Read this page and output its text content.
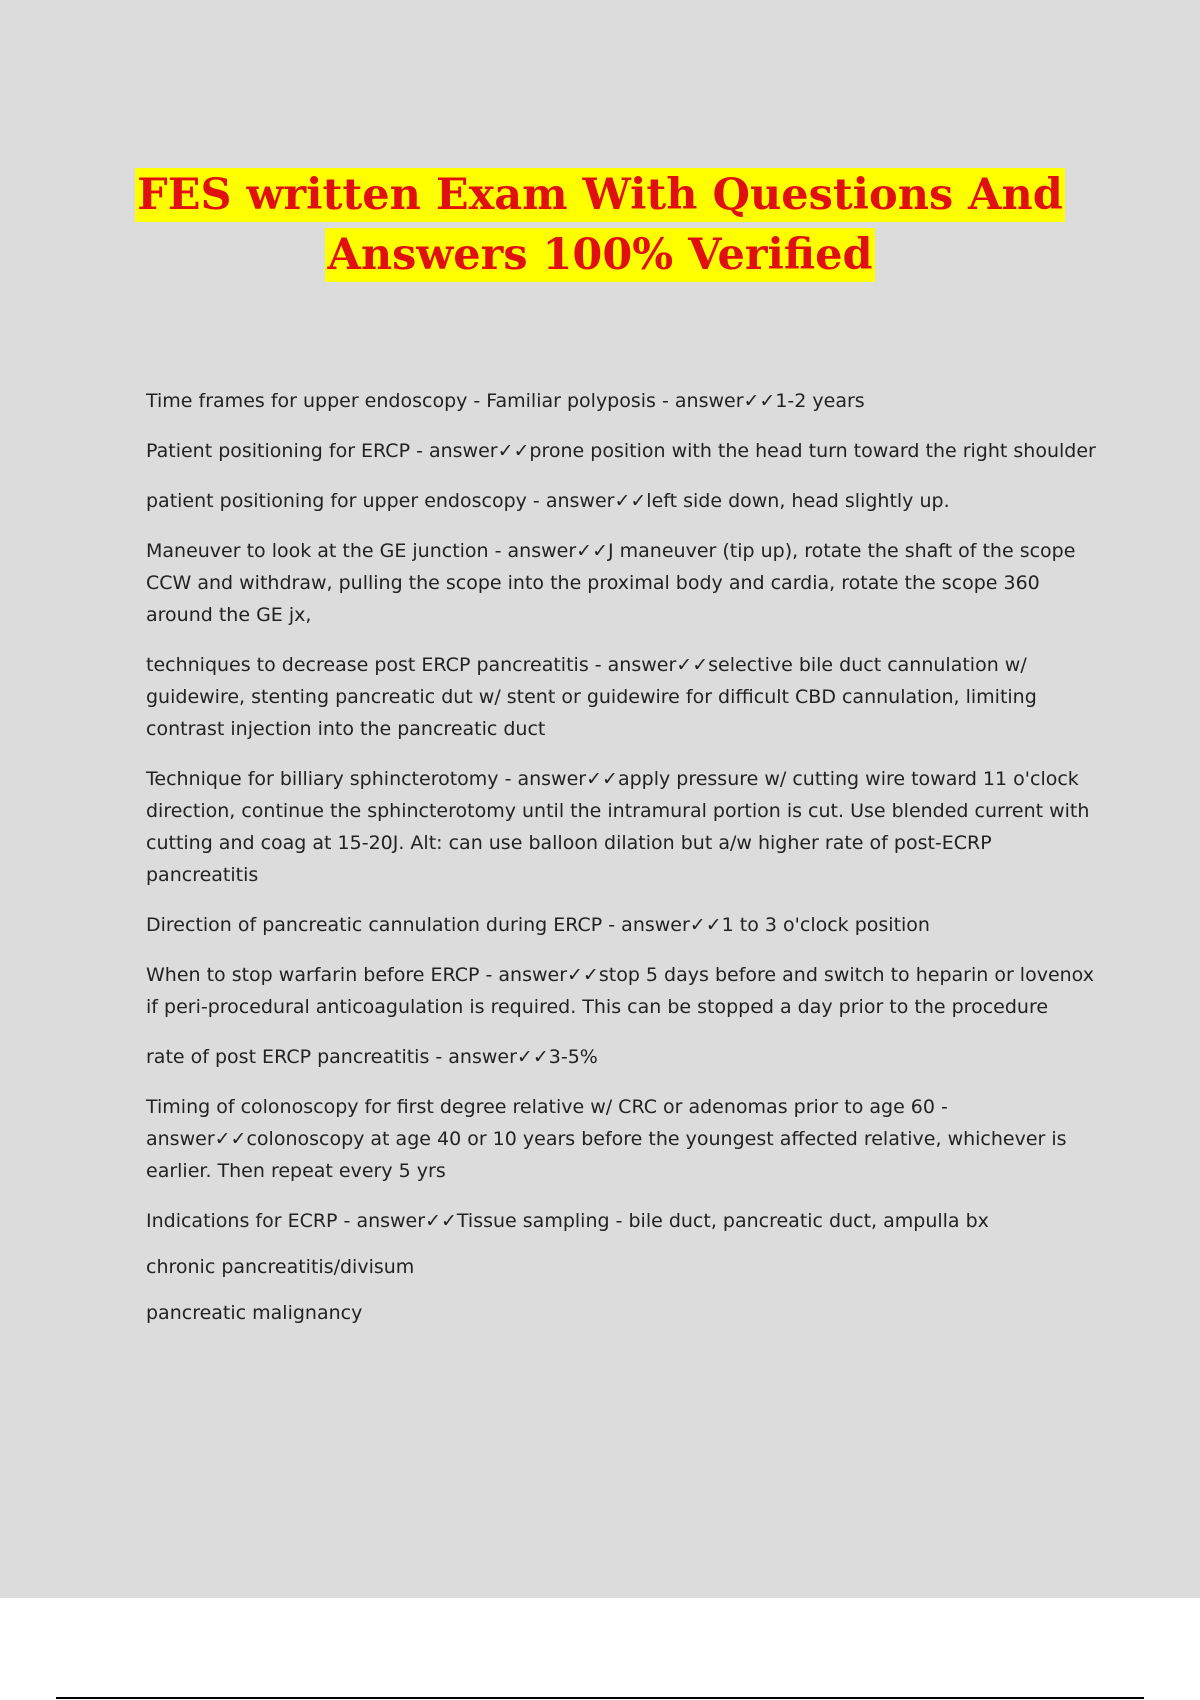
FES written Exam With Questions And
Answers 100% Verified
Time frames for upper endoscopy - Familiar polyposis - answer✓✓1-2 years
Patient positioning for ERCP - answer✓✓prone position with the head turn toward the right shoulder
patient positioning for upper endoscopy - answer✓✓left side down, head slightly up.
Maneuver to look at the GE junction - answer✓✓J maneuver (tip up), rotate the shaft of the scope CCW and withdraw, pulling the scope into the proximal body and cardia, rotate the scope 360 around the GE jx,
techniques to decrease post ERCP pancreatitis - answer✓✓selective bile duct cannulation w/ guidewire, stenting pancreatic dut w/ stent or guidewire for difficult CBD cannulation, limiting contrast injection into the pancreatic duct
Technique for billiary sphincterotomy - answer✓✓apply pressure w/ cutting wire toward 11 o'clock direction, continue the sphincterotomy until the intramural portion is cut. Use blended current with cutting and coag at 15-20J. Alt: can use balloon dilation but a/w higher rate of post-ECRP pancreatitis
Direction of pancreatic cannulation during ERCP - answer✓✓1 to 3 o'clock position
When to stop warfarin before ERCP - answer✓✓stop 5 days before and switch to heparin or lovenox if peri-procedural anticoagulation is required. This can be stopped a day prior to the procedure
rate of post ERCP pancreatitis - answer✓✓3-5%
Timing of colonoscopy for first degree relative w/ CRC or adenomas prior to age 60 - answer✓✓colonoscopy at age 40 or 10 years before the youngest affected relative, whichever is earlier. Then repeat every 5 yrs
Indications for ECRP - answer✓✓Tissue sampling - bile duct, pancreatic duct, ampulla bx
chronic pancreatitis/divisum
pancreatic malignancy
